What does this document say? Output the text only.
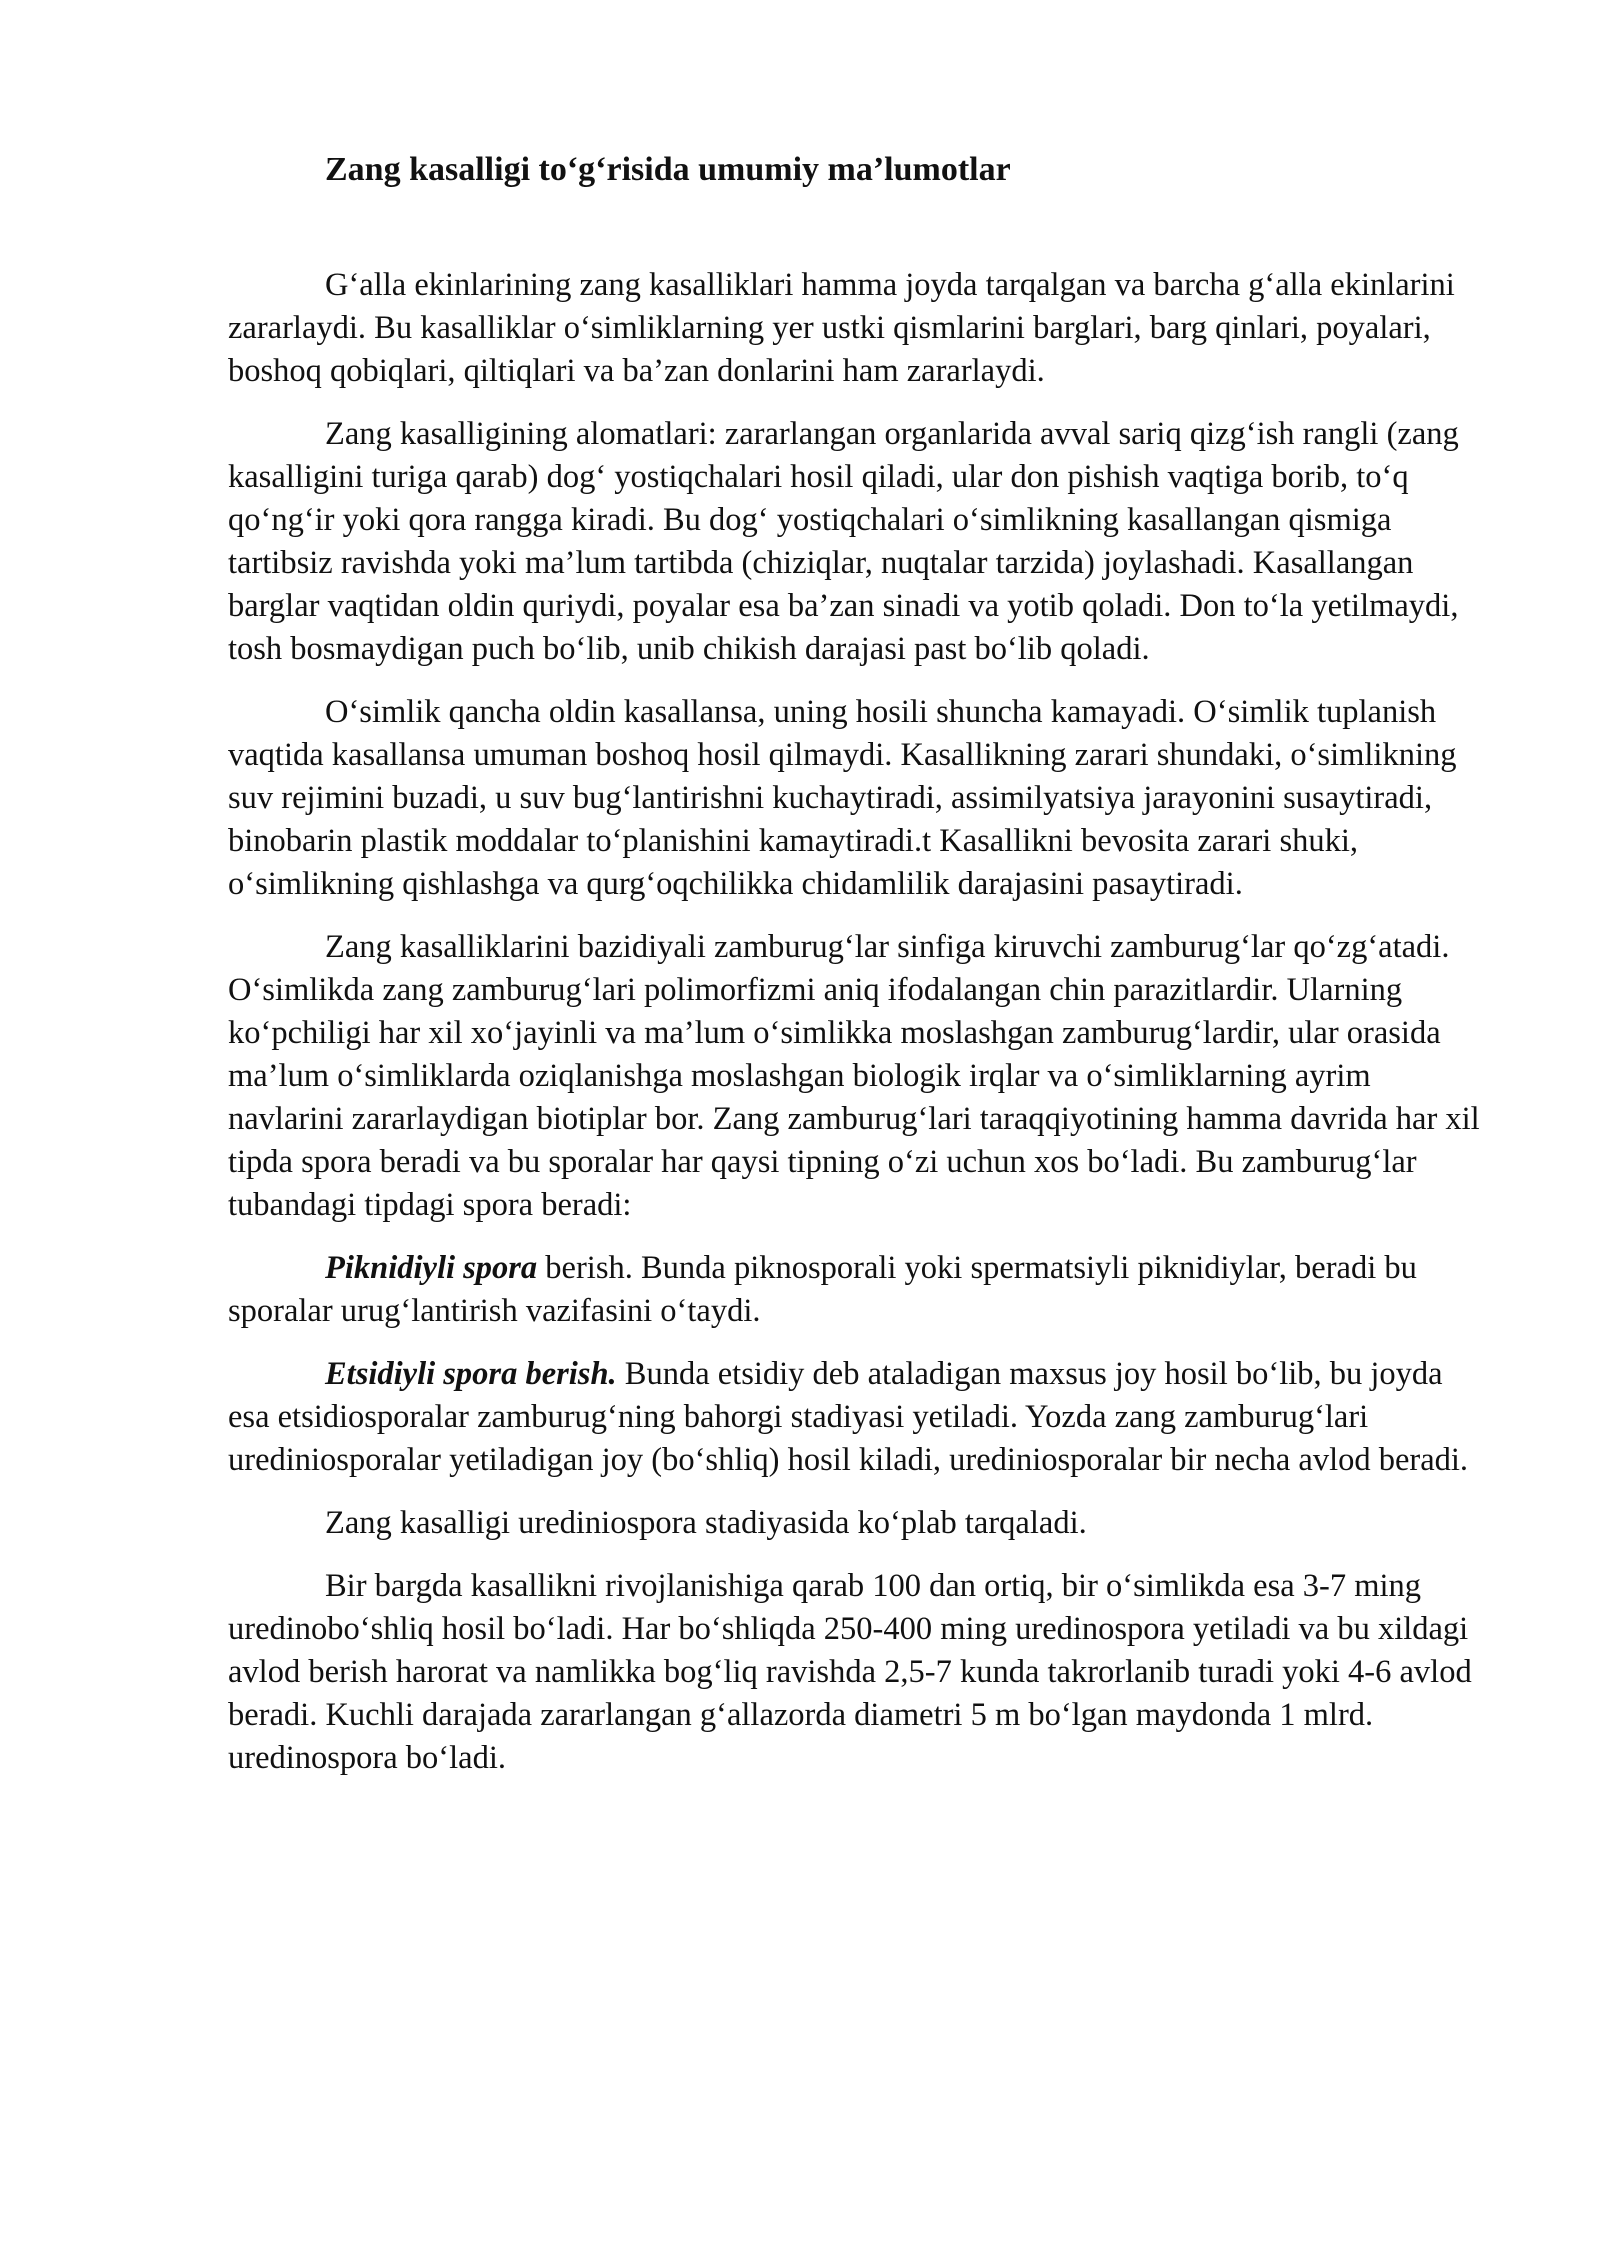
Zang kasalligi to‘g‘risida umumiy ma’lumotlar

G‘alla ekinlarining zang kasalliklari hamma joyda tarqalgan va barcha g‘alla ekinlarini zararlaydi. Bu kasalliklar o‘simliklarning yer ustki qismlarini barglari, barg qinlari, poyalari, boshoq qobiqlari, qiltiqlari va ba’zan donlarini ham zararlaydi.

Zang kasalligining alomatlari: zararlangan organlarida avval sariq qizg‘ish rangli (zang kasalligini turiga qarab) dog‘ yostiqchalari hosil qiladi, ular don pishish vaqtiga borib, to‘q qo‘ng‘ir yoki qora rangga kiradi. Bu dog‘ yostiqchalari o‘simlikning kasallangan qismiga tartibsiz ravishda yoki ma’lum tartibda (chiziqlar, nuqtalar tarzida) joylashadi. Kasallangan barglar vaqtidan oldin quriydi, poyalar esa ba’zan sinadi va yotib qoladi. Don to‘la yetilmaydi, tosh bosmaydigan puch bo‘lib, unib chikish darajasi past bo‘lib qoladi.

O‘simlik qancha oldin kasallansa, uning hosili shuncha kamayadi. O‘simlik tuplanish vaqtida kasallansa umuman boshoq hosil qilmaydi. Kasallikning zarari shundaki, o‘simlikning suv rejimini buzadi, u suv bug‘lantirishni kuchaytiradi, assimilyatsiya jarayonini susaytiradi, binobarin plastik moddalar to‘planishini kamaytiradi.t Kasallikni bevosita zarari shuki, o‘simlikning qishlashga va qurg‘oqchilikka chidamlilik darajasini pasaytiradi.

Zang kasalliklarini bazidiyali zamburug‘lar sinfiga kiruvchi zamburug‘lar qo‘zg‘atadi. O‘simlikda zang zamburug‘lari polimorfizmi aniq ifodalangan chin parazitlardir. Ularning ko‘pchiligi har xil xo‘jayinli va ma’lum o‘simlikka moslashgan zamburug‘lardir, ular orasida ma’lum o‘simliklarda oziqlanishga moslashgan biologik irqlar va o‘simliklarning ayrim navlarini zararlaydigan biotiplar bor. Zang zamburug‘lari taraqqiyotining hamma davrida har xil tipda spora beradi va bu sporalar har qaysi tipning o‘zi uchun xos bo‘ladi. Bu zamburug‘lar tubandagi tipdagi spora beradi:

Piknidiyli spora berish. Bunda piknosporali yoki spermatsiyli piknidiylar, beradi bu sporalar urug‘lantirish vazifasini o‘taydi.

Etsidiyli spora berish. Bunda etsidiy deb ataladigan maxsus joy hosil bo‘lib, bu joyda esa etsidiosporalar zamburug‘ning bahorgi stadiyasi yetiladi. Yozda zang zamburug‘lari urediniosporalar yetiladigan joy (bo‘shliq) hosil kiladi, urediniosporalar bir necha avlod beradi.

Zang kasalligi urediniospora stadiyasida ko‘plab tarqaladi.

Bir bargda kasallikni rivojlanishiga qarab 100 dan ortiq, bir o‘simlikda esa 3-7 ming uredinobo‘shliq hosil bo‘ladi. Har bo‘shliqda 250-400 ming uredinospora yetiladi va bu xildagi avlod berish harorat va namlikka bog‘liq ravishda 2,5-7 kunda takrorlanib turadi yoki 4-6 avlod beradi. Kuchli darajada zararlangan g‘allazorda diametri 5 m bo‘lgan maydonda 1 mlrd. uredinospora bo‘ladi.
